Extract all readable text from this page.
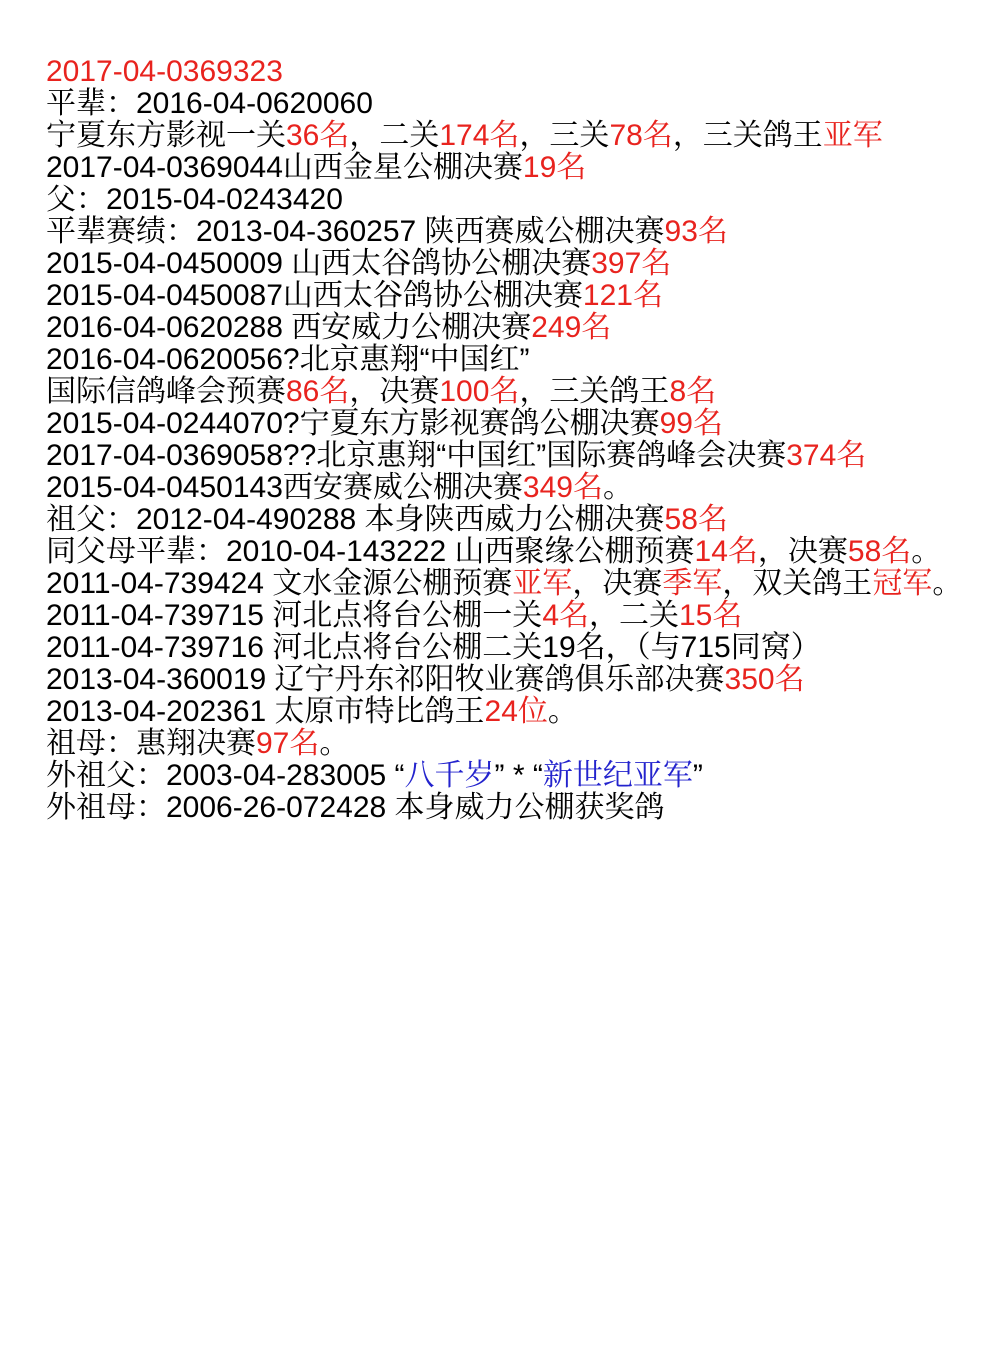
2017-04-0369323
平辈：2016-04-0620060
宁夏东方影视一关36名，二关174名，三关78名，三关鸽王亚军
2017-04-0369044山西金星公棚决赛19名
父：2015-04-0243420
平辈赛绩：2013-04-360257 陕西赛威公棚决赛93名
2015-04-0450009 山西太谷鸽协公棚决赛397名
2015-04-0450087山西太谷鸽协公棚决赛121名
2016-04-0620288 西安威力公棚决赛249名
2016-04-0620056?北京惠翔“中国红”
国际信鸽峰会预赛86名，决赛100名，三关鸽王8名
2015-04-0244070?宁夏东方影视赛鸽公棚决赛99名
2017-04-0369058??北京惠翔“中国红”国际赛鸽峰会决赛374名
2015-04-0450143西安赛威公棚决赛349名。
祖父：2012-04-490288 本身陕西威力公棚决赛58名
同父母平辈：2010-04-143222 山西聚缘公棚预赛14名，决赛58名。
2011-04-739424 文水金源公棚预赛亚军，决赛季军，双关鸽王冠军。
2011-04-739715 河北点将台公棚一关4名，二关15名
2011-04-739716 河北点将台公棚二关19名，（与715同窝）
2013-04-360019 辽宁丹东祁阳牧业赛鸽俱乐部决赛350名
2013-04-202361 太原市特比鸽王24位。
祖母：惠翔决赛97名。
外祖父：2003-04-283005 “八千岁” * “新世纪亚军”
外祖母：2006-26-072428 本身威力公棚获奖鸽
